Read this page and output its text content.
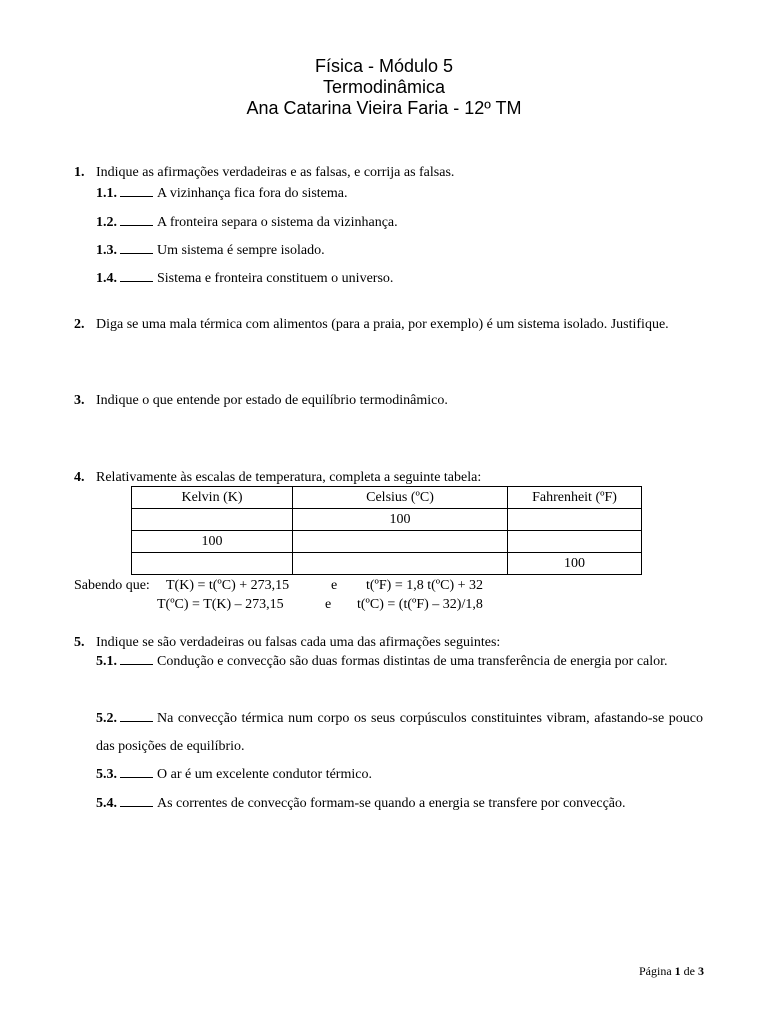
Física - Módulo 5
Termodinâmica
Ana Catarina Vieira Faria - 12º TM
1. Indique as afirmações verdadeiras e as falsas, e corrija as falsas.
1.1.	A vizinhança fica fora do sistema.
1.2.	A fronteira separa o sistema da vizinhança.
1.3.	Um sistema é sempre isolado.
1.4.	Sistema e fronteira constituem o universo.
2. Diga se uma mala térmica com alimentos (para a praia, por exemplo) é um sistema isolado. Justifique.
3. Indique o que entende por estado de equilíbrio termodinâmico.
4. Relativamente às escalas de temperatura, completa a seguinte tabela:
Kelvin (K)	Celsius (ºC)	Fahrenheit (ºF)
	100	
100		
		100
Sabendo que: T(K) = t(ºC) + 273,15	e t(ºF) = 1,8 t(ºC) + 32
T(ºC) = T(K) – 273,15	e t(ºC) = (t(ºF) – 32)/1,8
5. Indique se são verdadeiras ou falsas cada uma das afirmações seguintes:
5.1.	Condução e convecção são duas formas distintas de uma transferência de energia por calor.
5.2.	Na convecção térmica num corpo os seus corpúsculos constituintes vibram, afastando-se pouco das posições de equilíbrio.
5.3.	O ar é um excelente condutor térmico.
5.4.	As correntes de convecção formam-se quando a energia se transfere por convecção.
Página 1 de 3
